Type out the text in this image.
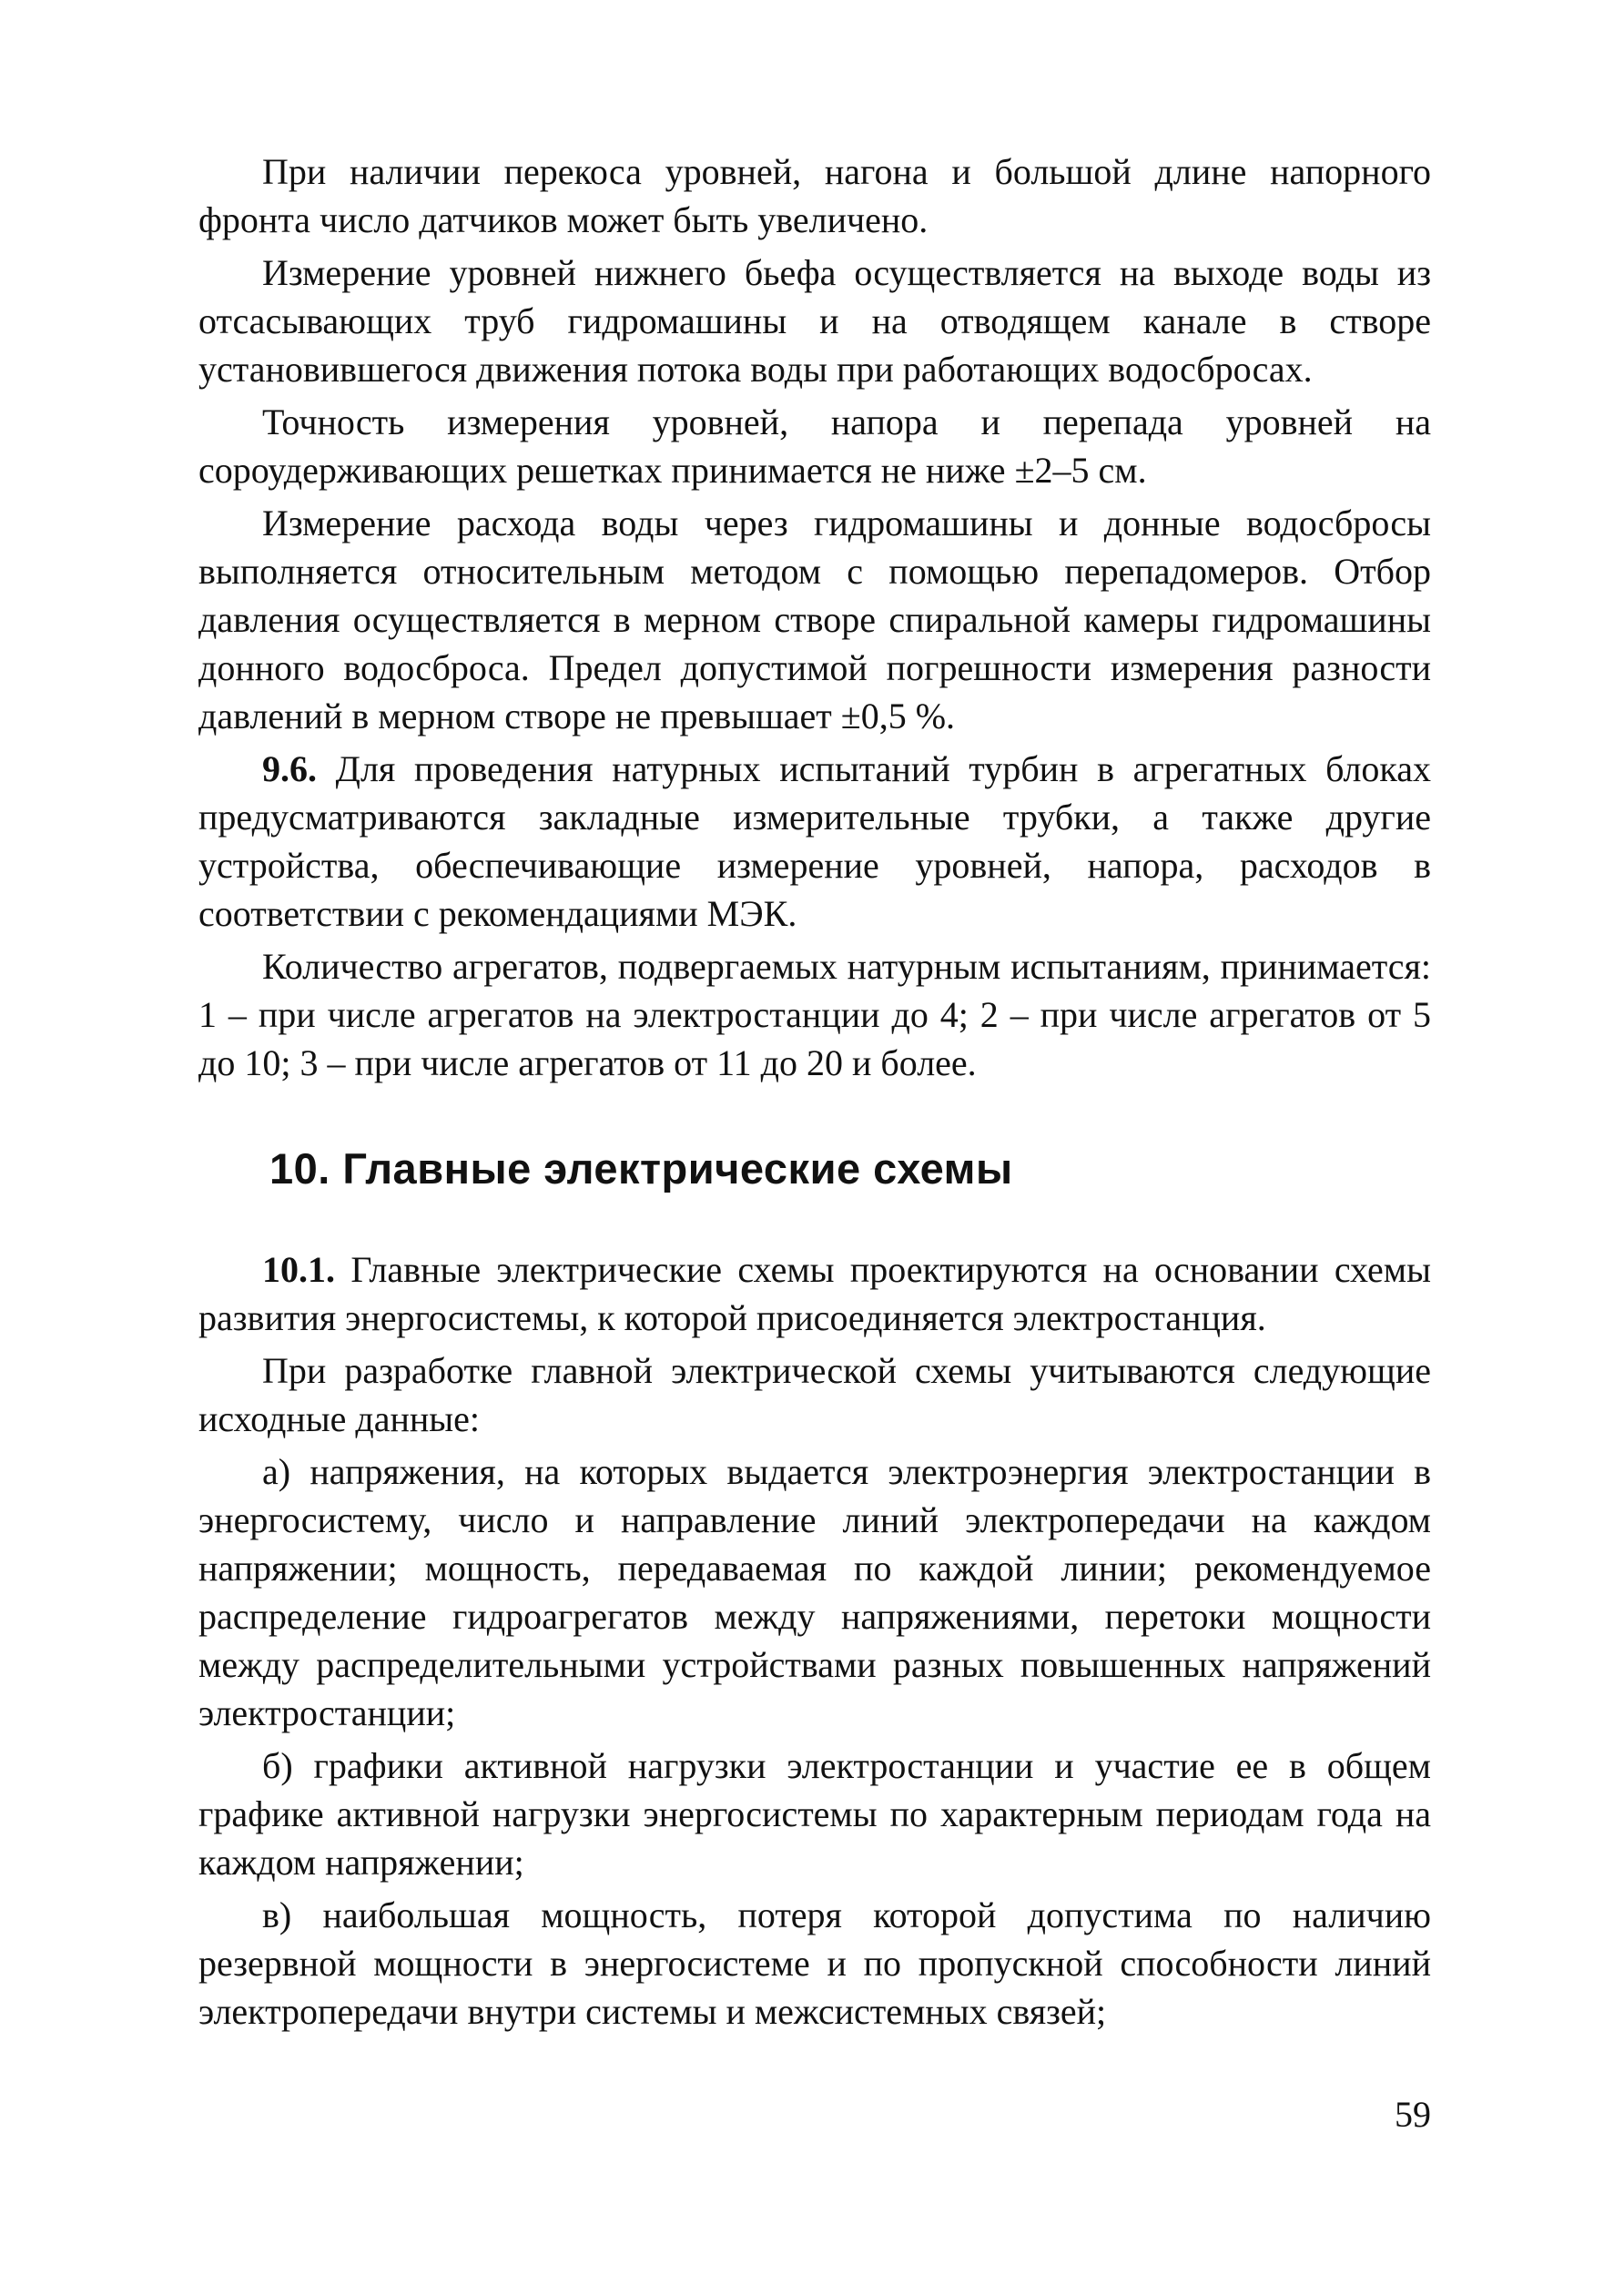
При наличии перекоса уровней, нагона и большой длине напорного фронта число датчиков может быть увеличено.

Измерение уровней нижнего бьефа осуществляется на выходе воды из отсасывающих труб гидромашины и на отводящем канале в створе установившегося движения потока воды при работающих водосбросах.

Точность измерения уровней, напора и перепада уровней на сороудерживающих решетках принимается не ниже ±2–5 см.

Измерение расхода воды через гидромашины и донные водосбросы выполняется относительным методом с помощью перепадомеров. Отбор давления осуществляется в мерном створе спиральной камеры гидромашины донного водосброса. Предел допустимой погрешности измерения разности давлений в мерном створе не превышает ±0,5 %.

9.6. Для проведения натурных испытаний турбин в агрегатных блоках предусматриваются закладные измерительные трубки, а также другие устройства, обеспечивающие измерение уровней, напора, расходов в соответствии с рекомендациями МЭК.

Количество агрегатов, подвергаемых натурным испытаниям, принимается: 1 – при числе агрегатов на электростанции до 4; 2 – при числе агрегатов от 5 до 10; 3 – при числе агрегатов от 11 до 20 и более.

10. Главные электрические схемы

10.1. Главные электрические схемы проектируются на основании схемы развития энергосистемы, к которой присоединяется электростанция.

При разработке главной электрической схемы учитываются следующие исходные данные:

а) напряжения, на которых выдается электроэнергия электростанции в энергосистему, число и направление линий электропередачи на каждом напряжении; мощность, передаваемая по каждой линии; рекомендуемое распределение гидроагрегатов между напряжениями, перетоки мощности между распределительными устройствами разных повышенных напряжений электростанции;

б) графики активной нагрузки электростанции и участие ее в общем графике активной нагрузки энергосистемы по характерным периодам года на каждом напряжении;

в) наибольшая мощность, потеря которой допустима по наличию резервной мощности в энергосистеме и по пропускной способности линий электропередачи внутри системы и межсистемных связей;

59
